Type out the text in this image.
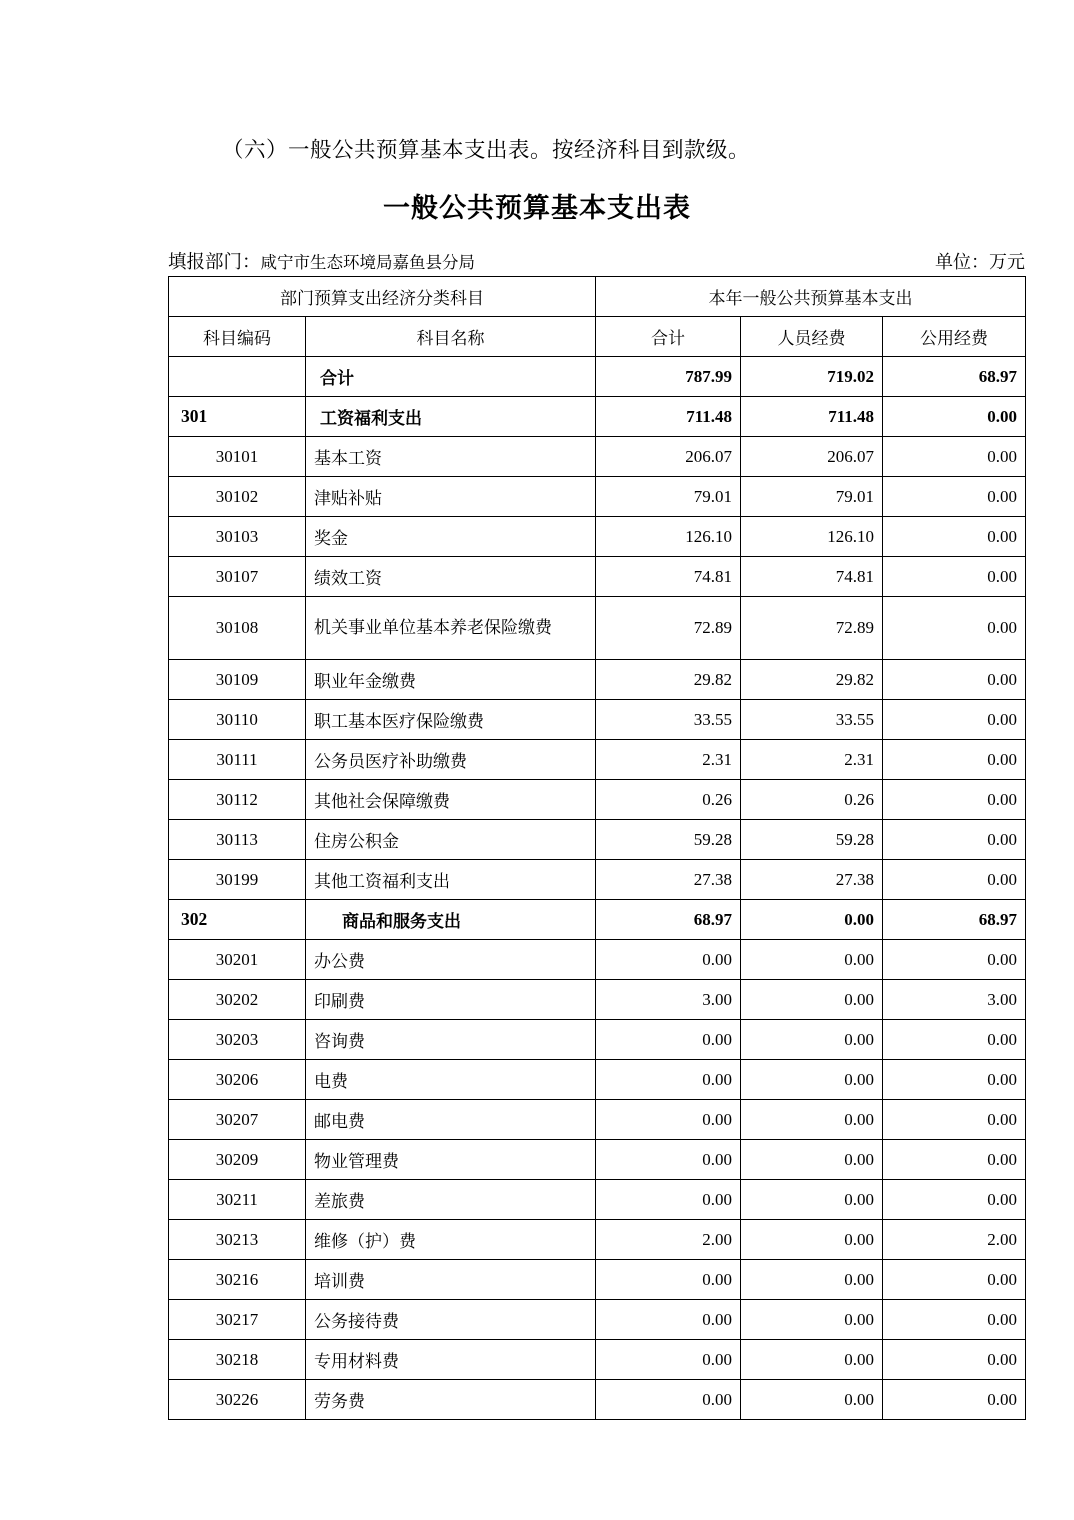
（六）一般公共预算基本支出表。按经济科目到款级。
一般公共预算基本支出表
填报部门：咸宁市生态环境局嘉鱼县分局	单位：万元
部门预算支出经济分类科目		本年一般公共预算基本支出		
科目编码	科目名称	合计	人员经费	公用经费
	合计	787.99	719.02	68.97
301	工资福利支出	711.48	711.48	0.00
30101	基本工资	206.07	206.07	0.00
30102	津贴补贴	79.01	79.01	0.00
30103	奖金	126.10	126.10	0.00
30107	绩效工资	74.81	74.81	0.00
30108	机关事业单位基本养老保险缴费	72.89	72.89	0.00
30109	职业年金缴费	29.82	29.82	0.00
30110	职工基本医疗保险缴费	33.55	33.55	0.00
30111	公务员医疗补助缴费	2.31	2.31	0.00
30112	其他社会保障缴费	0.26	0.26	0.00
30113	住房公积金	59.28	59.28	0.00
30199	其他工资福利支出	27.38	27.38	0.00
302	商品和服务支出	68.97	0.00	68.97
30201	办公费	0.00	0.00	0.00
30202	印刷费	3.00	0.00	3.00
30203	咨询费	0.00	0.00	0.00
30206	电费	0.00	0.00	0.00
30207	邮电费	0.00	0.00	0.00
30209	物业管理费	0.00	0.00	0.00
30211	差旅费	0.00	0.00	0.00
30213	维修（护）费	2.00	0.00	2.00
30216	培训费	0.00	0.00	0.00
30217	公务接待费	0.00	0.00	0.00
30218	专用材料费	0.00	0.00	0.00
30226	劳务费	0.00	0.00	0.00
